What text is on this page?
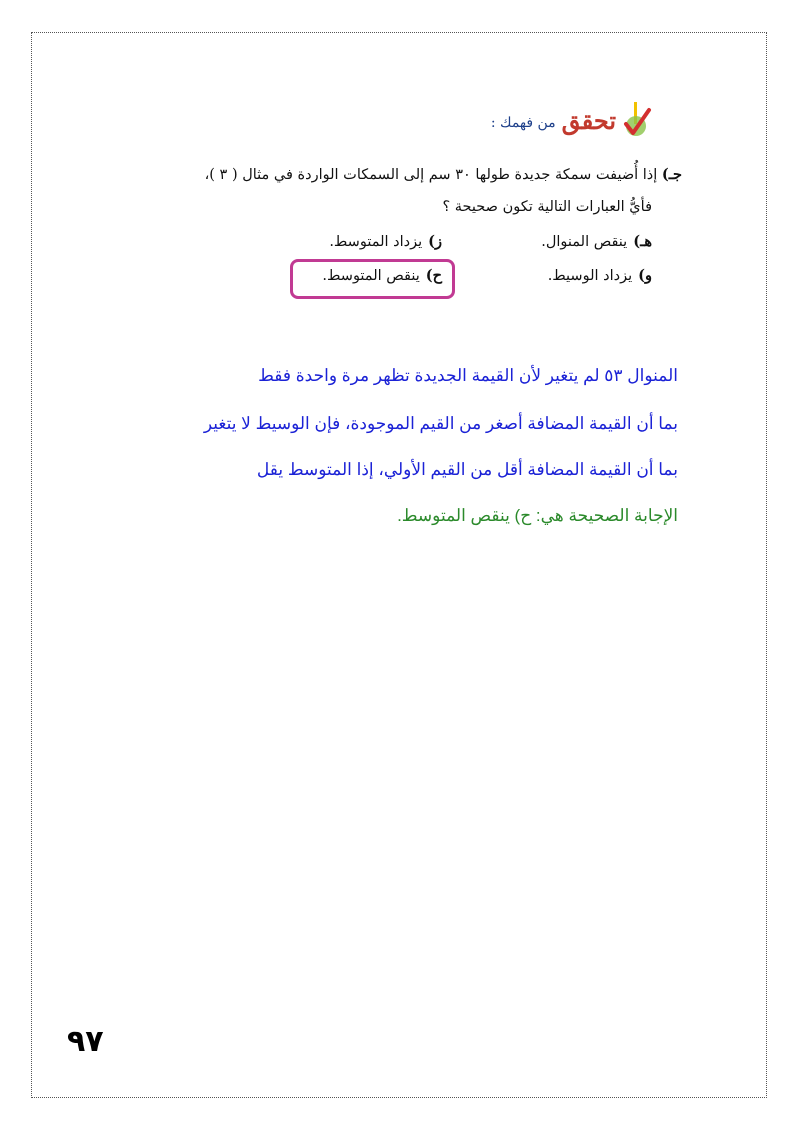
تحقق
من فهمك :
جـ) إذا أُضيفت سمكة جديدة طولها ٣٠ سم إلى السمكات الواردة في مثال ( ٣ )،
فأيُّ العبارات التالية تكون صحيحة ؟
هـ)ينقص المنوال.
ز)يزداد المتوسط.
و)يزداد الوسيط.
ح)ينقص المتوسط.
المنوال ٥٣ لم يتغير لأن القيمة الجديدة تظهر مرة واحدة فقط
بما أن القيمة المضافة أصغر من القيم الموجودة، فإن الوسيط لا يتغير
بما أن القيمة المضافة أقل من القيم الأولي، إذا المتوسط يقل
الإجابة الصحيحة هي: ح) ينقص المتوسط.
٩٧
